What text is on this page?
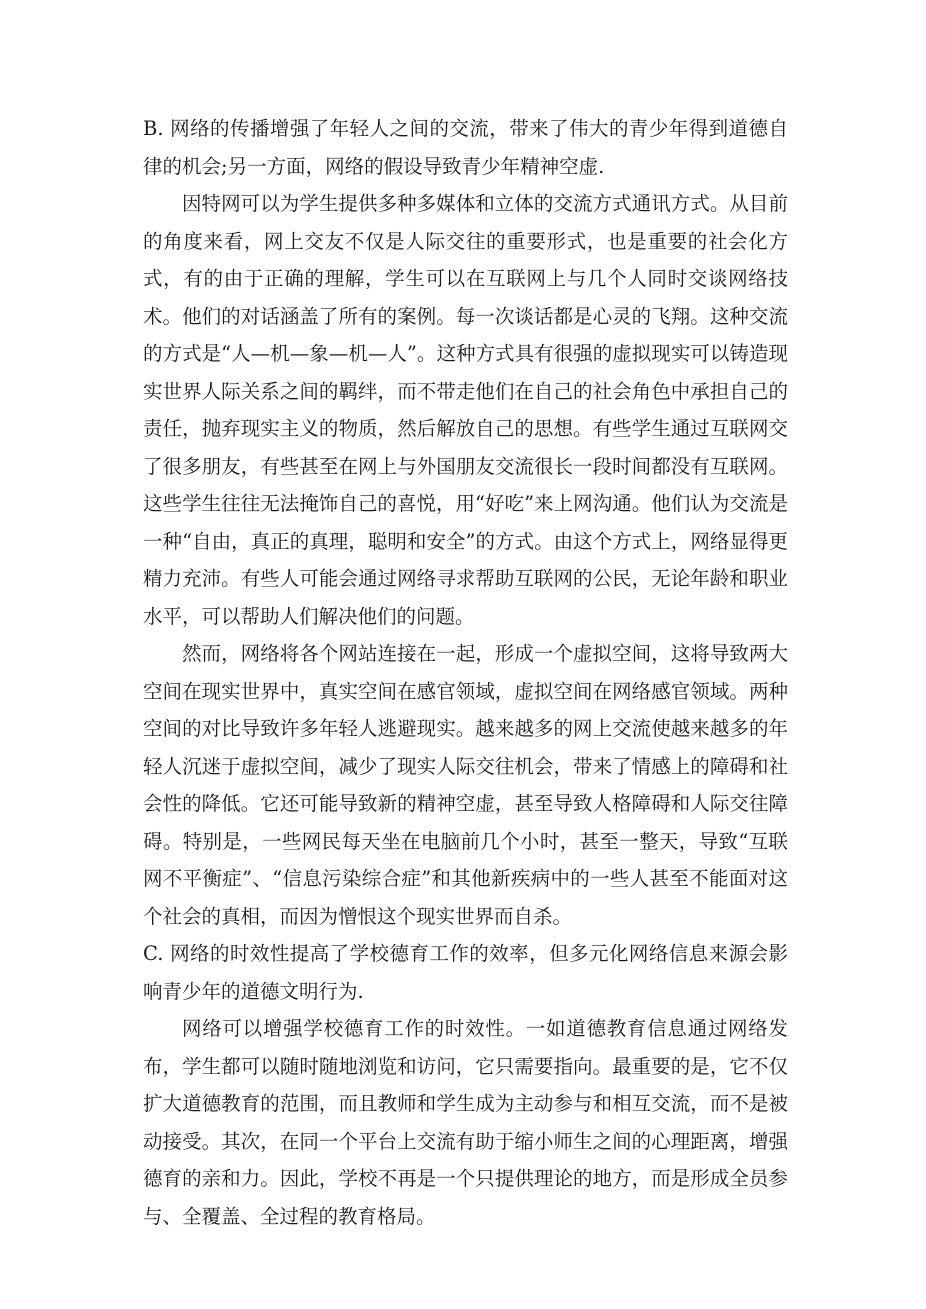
B. 网络的传播增强了年轻人之间的交流，带来了伟大的青少年得到道德自律的机会;另一方面，网络的假设导致青少年精神空虚.

因特网可以为学生提供多种多媒体和立体的交流方式通讯方式。从目前的角度来看，网上交友不仅是人际交往的重要形式，也是重要的社会化方式，有的由于正确的理解，学生可以在互联网上与几个人同时交谈网络技术。他们的对话涵盖了所有的案例。每一次谈话都是心灵的飞翔。这种交流的方式是“人—机—象—机—人”。这种方式具有很强的虚拟现实可以铸造现实世界人际关系之间的羁绊，而不带走他们在自己的社会角色中承担自己的责任，抛弃现实主义的物质，然后解放自己的思想。有些学生通过互联网交了很多朋友，有些甚至在网上与外国朋友交流很长一段时间都没有互联网。这些学生往往无法掩饰自己的喜悦，用“好吃”来上网沟通。他们认为交流是一种“自由，真正的真理，聪明和安全”的方式。由这个方式上，网络显得更精力充沛。有些人可能会通过网络寻求帮助互联网的公民，无论年龄和职业水平，可以帮助人们解决他们的问题。

然而，网络将各个网站连接在一起，形成一个虚拟空间，这将导致两大空间在现实世界中，真实空间在感官领域，虚拟空间在网络感官领域。两种空间的对比导致许多年轻人逃避现实。越来越多的网上交流使越来越多的年轻人沉迷于虚拟空间，减少了现实人际交往机会，带来了情感上的障碍和社会性的降低。它还可能导致新的精神空虚，甚至导致人格障碍和人际交往障碍。特别是，一些网民每天坐在电脑前几个小时，甚至一整天，导致“互联网不平衡症”、“信息污染综合症”和其他新疾病中的一些人甚至不能面对这个社会的真相，而因为憎恨这个现实世界而自杀。

C. 网络的时效性提高了学校德育工作的效率，但多元化网络信息来源会影响青少年的道德文明行为.

网络可以增强学校德育工作的时效性。一如道德教育信息通过网络发布，学生都可以随时随地浏览和访问，它只需要指向。最重要的是，它不仅扩大道德教育的范围，而且教师和学生成为主动参与和相互交流，而不是被动接受。其次，在同一个平台上交流有助于缩小师生之间的心理距离，增强德育的亲和力。因此，学校不再是一个只提供理论的地方，而是形成全员参与、全覆盖、全过程的教育格局。
